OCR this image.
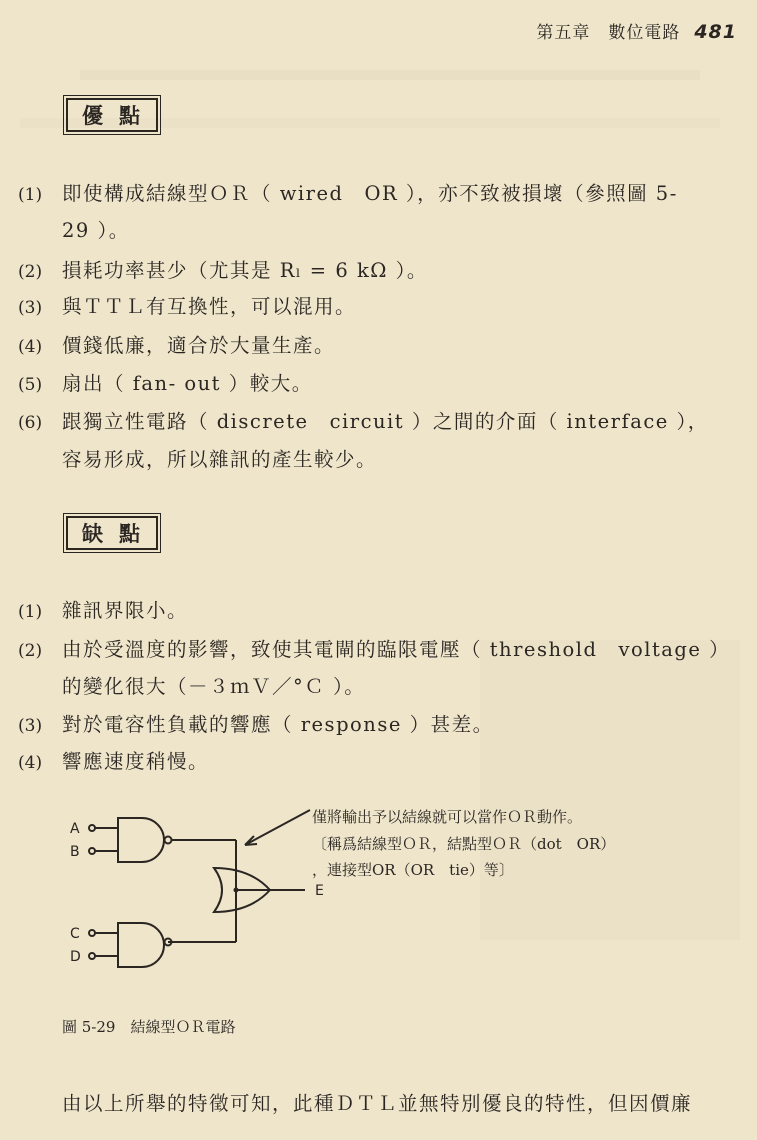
第五章　數位電路 481
優點
(1) 即使構成結線型ＯＲ（ wired　OR ），亦不致被損壞（參照圖 5-
29 ）。
(2) 損耗功率甚少（尤其是 Rₗ = 6 kΩ ）。
(3) 與ＴＴＬ有互換性，可以混用。
(4) 價錢低廉，適合於大量生產。
(5) 扇出（ fan- out ）較大。
(6) 跟獨立性電路（ discrete　circuit ）之間的介面（ interface ），
容易形成，所以雜訊的產生較少。
缺點
(1) 雜訊界限小。
(2) 由於受溫度的影響，致使其電閘的臨限電壓（ threshold　voltage ）
的變化很大（－３ｍＶ／°Ｃ ）。
(3) 對於電容性負載的響應（ response ）甚差。
(4) 響應速度稍慢。
A
B
C
D
E
僅將輸出予以結線就可以當作ＯＲ動作。
〔稱爲結線型ＯＲ，結點型ＯＲ（dot　OR）
，連接型OR（OR　tie）等〕
圖 5-29　結線型ＯＲ電路
由以上所舉的特徵可知，此種ＤＴＬ並無特別優良的特性，但因價廉
